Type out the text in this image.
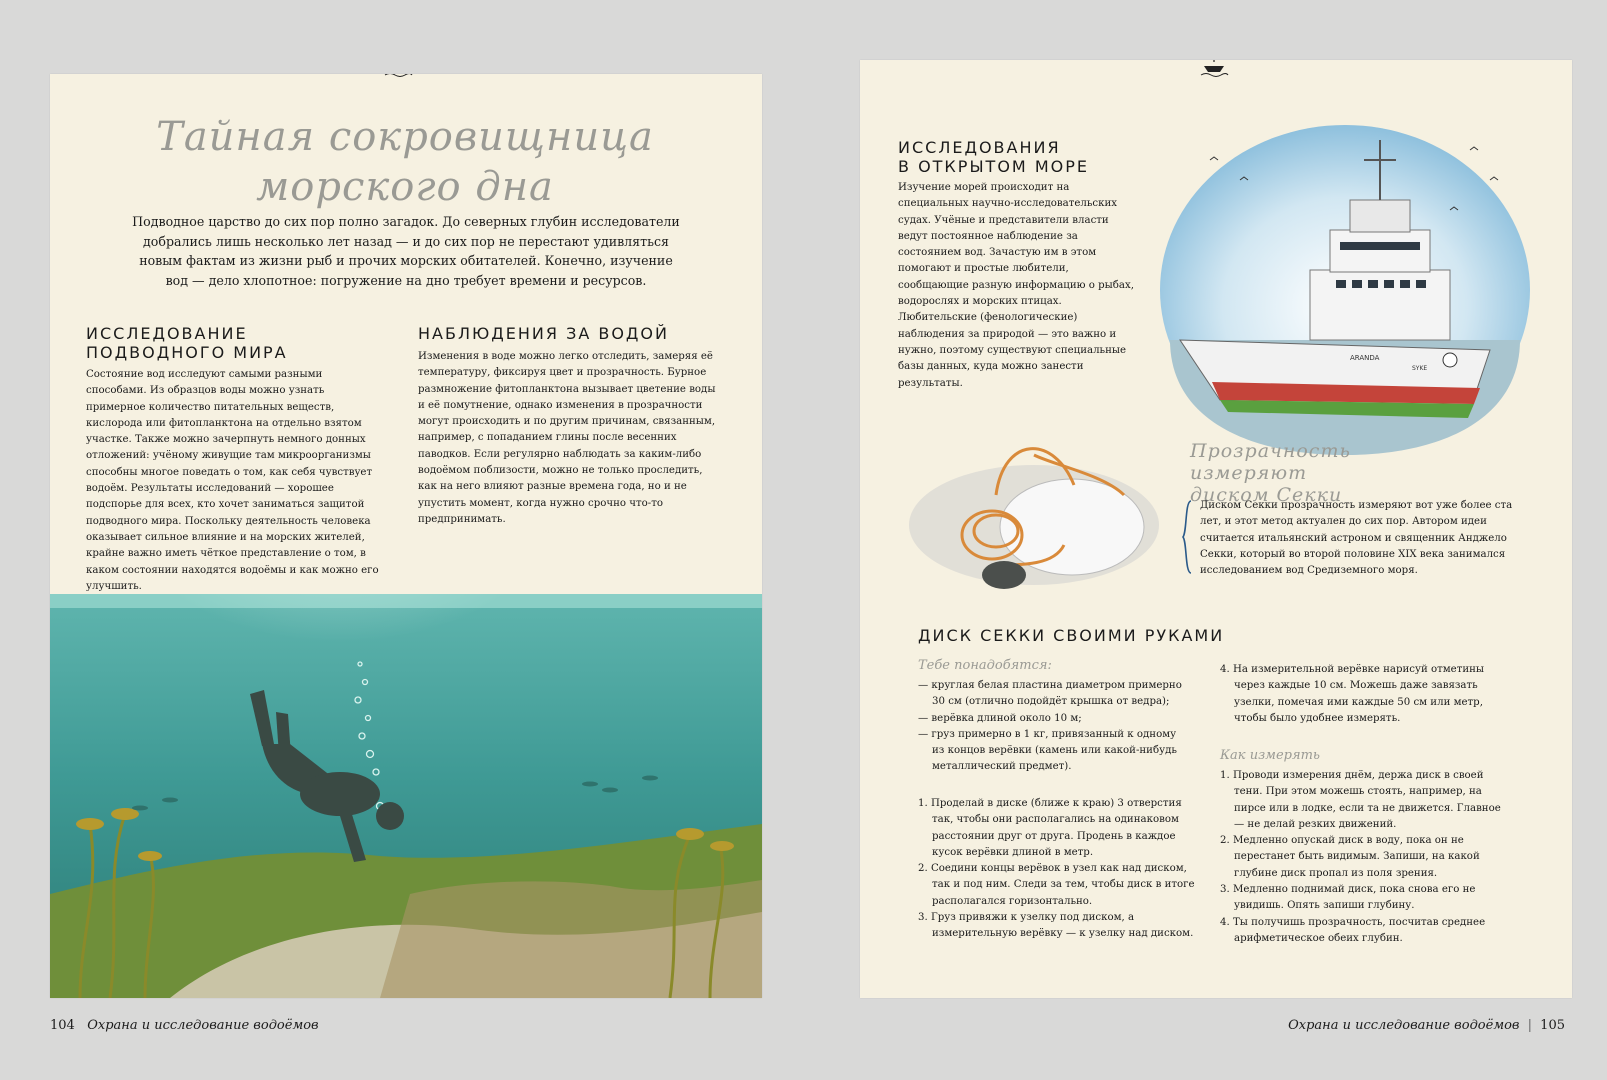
Тайная сокровищница
морского дна
Подводное царство до сих пор полно загадок. До северных глубин исследователи добрались лишь несколько лет назад — и до сих пор не перестают удивляться новым фактам из жизни рыб и прочих морских обитателей. Конечно, изучение вод — дело хлопотное: погружение на дно требует времени и ресурсов.
ИССЛЕДОВАНИЕ
ПОДВОДНОГО МИРА
Состояние вод исследуют самыми разными способами. Из образцов воды можно узнать примерное количество питательных веществ, кислорода или фитопланктона на отдельно взятом участке. Также можно зачерпнуть немного донных отложений: учёному живущие там микроорганизмы способны многое поведать о том, как себя чувствует водоём. Результаты исследований — хорошее подспорье для всех, кто хочет заниматься защитой подводного мира. Поскольку деятельность человека оказывает сильное влияние и на морских жителей, крайне важно иметь чёткое представление о том, в каком состоянии находятся водоёмы и как можно его улучшить.
НАБЛЮДЕНИЯ ЗА ВОДОЙ
Изменения в воде можно легко отследить, замеряя её температуру, фиксируя цвет и прозрачность. Бурное размножение фитопланктона вызывает цветение воды и её помутнение, однако изменения в прозрачности могут происходить и по другим причинам, связанным, например, с попаданием глины после весенних паводков. Если регулярно наблюдать за каким-либо водоёмом поблизости, можно не только проследить, как на него влияют разные времена года, но и не упустить момент, когда нужно срочно что-то предпринимать.
ИССЛЕДОВАНИЯ
В ОТКРЫТОМ МОРЕ
Изучение морей происходит на специальных научно-исследовательских судах. Учёные и представители власти ведут постоянное наблюдение за состоянием вод. Зачастую им в этом помогают и простые любители, сообщающие разную информацию о рыбах, водорослях и морских птицах. Любительские (фенологические) наблюдения за природой — это важно и нужно, поэтому существуют специальные базы данных, куда можно занести результаты.
ARANDA
SYKE
Прозрачность измеряют
диском Секки
Диском Секки прозрачность измеряют вот уже более ста лет, и этот метод актуален до сих пор. Автором идеи считается итальянский астроном и священник Анджело Секки, который во второй половине XIX века занимался исследованием вод Средиземного моря.
ДИСК СЕККИ СВОИМИ РУКАМИ
Тебе понадобятся:
— круглая белая пластина диаметром примерно 30 см (отлично подойдёт крышка от ведра);
— верёвка длиной около 10 м;
— груз примерно в 1 кг, привязанный к одному из концов верёвки (камень или какой-нибудь металлический предмет).
1. Проделай в диске (ближе к краю) 3 отверстия так, чтобы они располагались на одинаковом расстоянии друг от друга. Продень в каждое кусок верёвки длиной в метр.
2. Соедини концы верёвок в узел как над диском, так и под ним. Следи за тем, чтобы диск в итоге располагался горизонтально.
3. Груз привяжи к узелку под диском, а измерительную верёвку — к узелку над диском.
4. На измерительной верёвке нарисуй отметины через каждые 10 см. Можешь даже завязать узелки, помечая ими каждые 50 см или метр, чтобы было удобнее измерять.
Как измерять
1. Проводи измерения днём, держа диск в своей тени. При этом можешь стоять, например, на пирсе или в лодке, если та не движется. Главное — не делай резких движений.
2. Медленно опускай диск в воду, пока он не перестанет быть видимым. Запиши, на какой глубине диск пропал из поля зрения.
3. Медленно поднимай диск, пока снова его не увидишь. Опять запиши глубину.
4. Ты получишь прозрачность, посчитав среднее арифметическое обеих глубин.
104 Охрана и исследование водоёмов	Охрана и исследование водоёмов | 105
